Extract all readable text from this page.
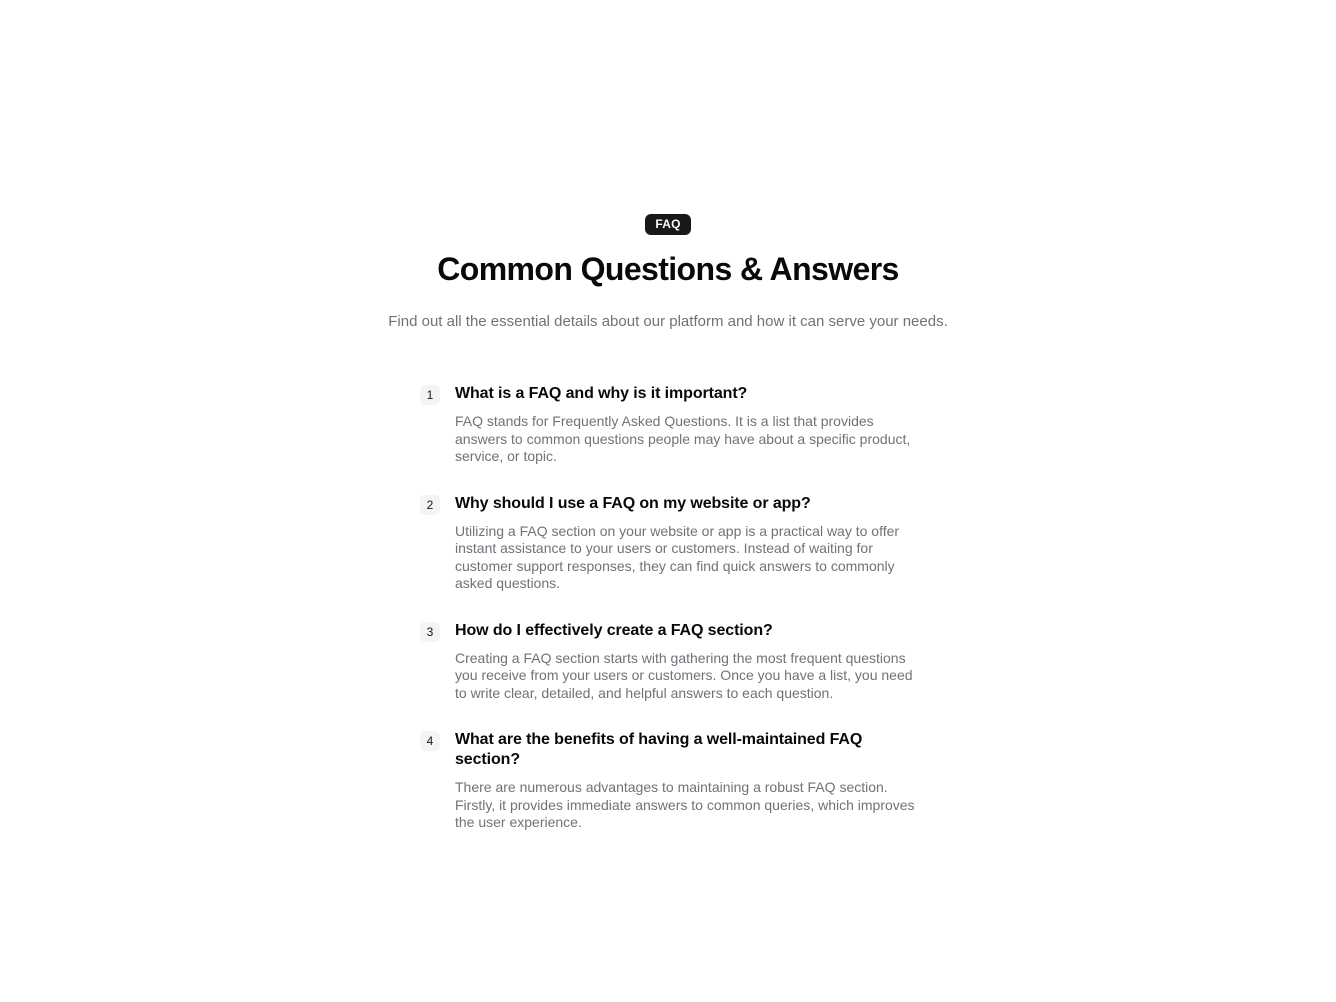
FAQ
Common Questions & Answers

Find out all the essential details about our platform and how it can serve your needs.

1	What is a FAQ and why is it important?

FAQ stands for Frequently Asked Questions. It is a list that provides answers to common questions people may have about a specific product, service, or topic.

2	Why should I use a FAQ on my website or app?

Utilizing a FAQ section on your website or app is a practical way to offer instant assistance to your users or customers. Instead of waiting for customer support responses, they can find quick answers to commonly asked questions.

3	How do I effectively create a FAQ section?

Creating a FAQ section starts with gathering the most frequent questions you receive from your users or customers. Once you have a list, you need to write clear, detailed, and helpful answers to each question.

4	What are the benefits of having a well-maintained FAQ section?

There are numerous advantages to maintaining a robust FAQ section. Firstly, it provides immediate answers to common queries, which improves the user experience.
